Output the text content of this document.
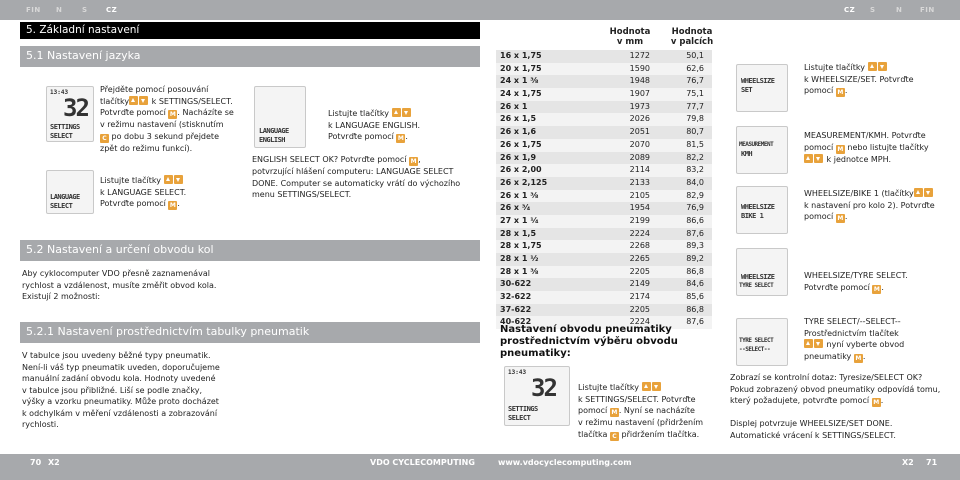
FIN N	S	CZ	CZ S	N	FIN
5. Základní nastavení
5.1 Nastavení jazyka
13:43
32
SETTINGS
SELECT
LANGUAGE
SELECT
LANGUAGE
ENGLISH
Přejděte pomocí posouvání
tlačítky	k SETTINGS/SELECT.
Potvrďte pomocí M . Nacházíte se
v režimu nastavení (stisknutím
C po dobu 3 sekund přejdete
zpět do režimu funkcí).
Listujte tlačítky
k LANGUAGE SELECT.
Potvrďte pomocí M .
Listujte tlačítky
k LANGUAGE ENGLISH.
Potvrďte pomocí M .
ENGLISH SELECT OK? Potvrďte pomocí M ,
potvrzující hlášení computeru: LANGUAGE SELECT
DONE. Computer se automaticky vrátí do výchozího
menu SETTINGS/SELECT.
5.2 Nastavení a určení obvodu kol
Aby cyklocomputer VDO přesně zaznamenával
rychlost a vzdálenost, musíte změřit obvod kola.
Existují 2 možnosti:
5.2.1 Nastavení prostřednictvím tabulky pneumatik
V tabulce jsou uvedeny běžné typy pneumatik.
Není-li váš typ pneumatik uveden, doporučujeme
manuální zadání obvodu kola. Hodnoty uvedené
v tabulce jsou přibližné. Liší se podle značky,
výšky a vzorku pneumatiky. Může proto docházet
k odchylkám v měření vzdálenosti a zobrazování
rychlosti.
Hodnota
v mm
Hodnota
v palcích
16 x 1,75	1272	50,1
20 x 1,75	1590	62,6
24 x 1 ³⁄₈	1948	76,7
24 x 1,75	1907	75,1
26 x 1	1973	77,7
26 x 1,5	2026	79,8
26 x 1,6	2051	80,7
26 x 1,75	2070	81,5
26 x 1,9	2089	82,2
26 x 2,00	2114	83,2
26 x 2,125	2133	84,0
26 x 1 ³⁄₈	2105	82,9
26 x ³⁄₄	1954	76,9
27 x 1 ¹⁄₄	2199	86,6
28 x 1,5	2224	87,6
28 x 1,75	2268	89,3
28 x 1 ¹⁄₂	2265	89,2
28 x 1 ³⁄₈	2205	86,8
30-622	2149	84,6
32-622	2174	85,6
37-622	2205	86,8
40-622	2224	87,6
WHEELSIZE
SET
MEASUREMENT
KMH
WHEELSIZE
BIKE 1
WHEELSIZE
TYRE SELECT
TYRE SELECT
--SELECT--
13:43
32
SETTINGS
SELECT
Listujte tlačítky
k WHEELSIZE/SET. Potvrďte
pomocí M .
MEASUREMENT/KMH. Potvrďte
pomocí M nebo listujte tlačítky
k jednotce MPH.
WHEELSIZE/BIKE 1 (tlačítky
k nastavení pro kolo 2). Potvrďte
pomocí M .
WHEELSIZE/TYRE SELECT.
Potvrďte pomocí M .
TYRE SELECT/--SELECT--
Prostřednictvím tlačítek
nyní vyberte obvod
pneumatiky M .
Zobrazí se kontrolní dotaz: Tyresize/SELECT OK?
Pokud zobrazený obvod pneumatiky odpovídá tomu,
který požadujete, potvrďte pomocí M .
Displej potvrzuje WHEELSIZE/SET DONE.
Automatické vrácení k SETTINGS/SELECT.
Nastavení obvodu pneumatiky
prostřednictvím výběru obvodu
pneumatiky:
Listujte tlačítky
k SETTINGS/SELECT. Potvrďte
pomocí M . Nyní se nacházíte
v režimu nastavení (přidržením
tlačítka C přidržením tlačítka.
70 X2	VDO CYCLECOMPUTING	www.vdocyclecomputing.com	X2 71
